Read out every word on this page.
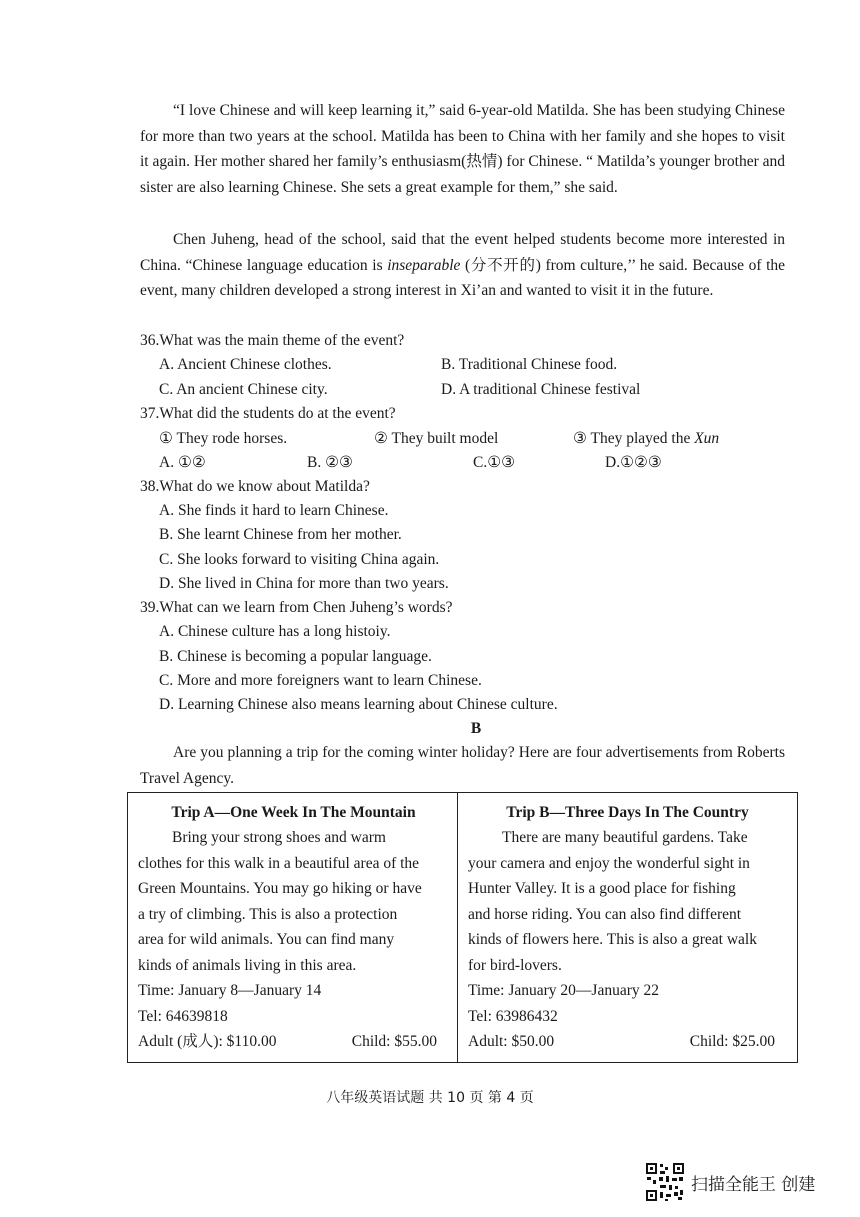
“I love Chinese and will keep learning it,” said 6-year-old Matilda. She has been studying Chinese for more than two years at the school. Matilda has been to China with her family and she hopes to visit it again. Her mother shared her family’s enthusiasm(热情) for Chinese. “ Matilda’s younger brother and sister are also learning Chinese. She sets a great example for them,” she said.

Chen Juheng, head of the school, said that the event helped students become more interested in China. “Chinese language education is inseparable (分不开的) from culture,’’ he said. Because of the event, many children developed a strong interest in Xi’an and wanted to visit it in the future.

36.What was the main theme of the event?

A. Ancient Chinese clothes.	B. Traditional Chinese food.

C. An ancient Chinese city.	D. A traditional Chinese festival

37.What did the students do at the event?

① They rode horses.	② They built model	③ They played the Xun

A. ①②	B. ②③	C.①③	D.①②③

38.What do we know about Matilda?

A. She finds it hard to learn Chinese.

B. She learnt Chinese from her mother.

C. She looks forward to visiting China again.

D. She lived in China for more than two years.

39.What can we learn from Chen Juheng’s words?

A. Chinese culture has a long histoiy.

B. Chinese is becoming a popular language.

C. More and more foreigners want to learn Chinese.

D. Learning Chinese also means learning about Chinese culture.

B

Are you planning a trip for the coming winter holiday? Here are four advertisements from Roberts Travel Agency.

Trip A—One Week In The Mountain

Bring your strong shoes and warm

clothes for this walk in a beautiful area of the

Green Mountains. You may go hiking or have

a try of climbing. This is also a protection

area for wild animals. You can find many

kinds of animals living in this area.

Time: January 8—January 14

Tel: 64639818

Adult (成人): $110.00	Child: $55.00
Trip B—Three Days In The Country

There are many beautiful gardens. Take

your camera and enjoy the wonderful sight in

Hunter Valley. It is a good place for fishing

and horse riding. You can also find different

kinds of flowers here. This is also a great walk

for bird-lovers.

Time: January 20—January 22

Tel: 63986432

Adult: $50.00	Child: $25.00
八年级英语试题 共 10 页 第 4 页
扫描全能王 创建
